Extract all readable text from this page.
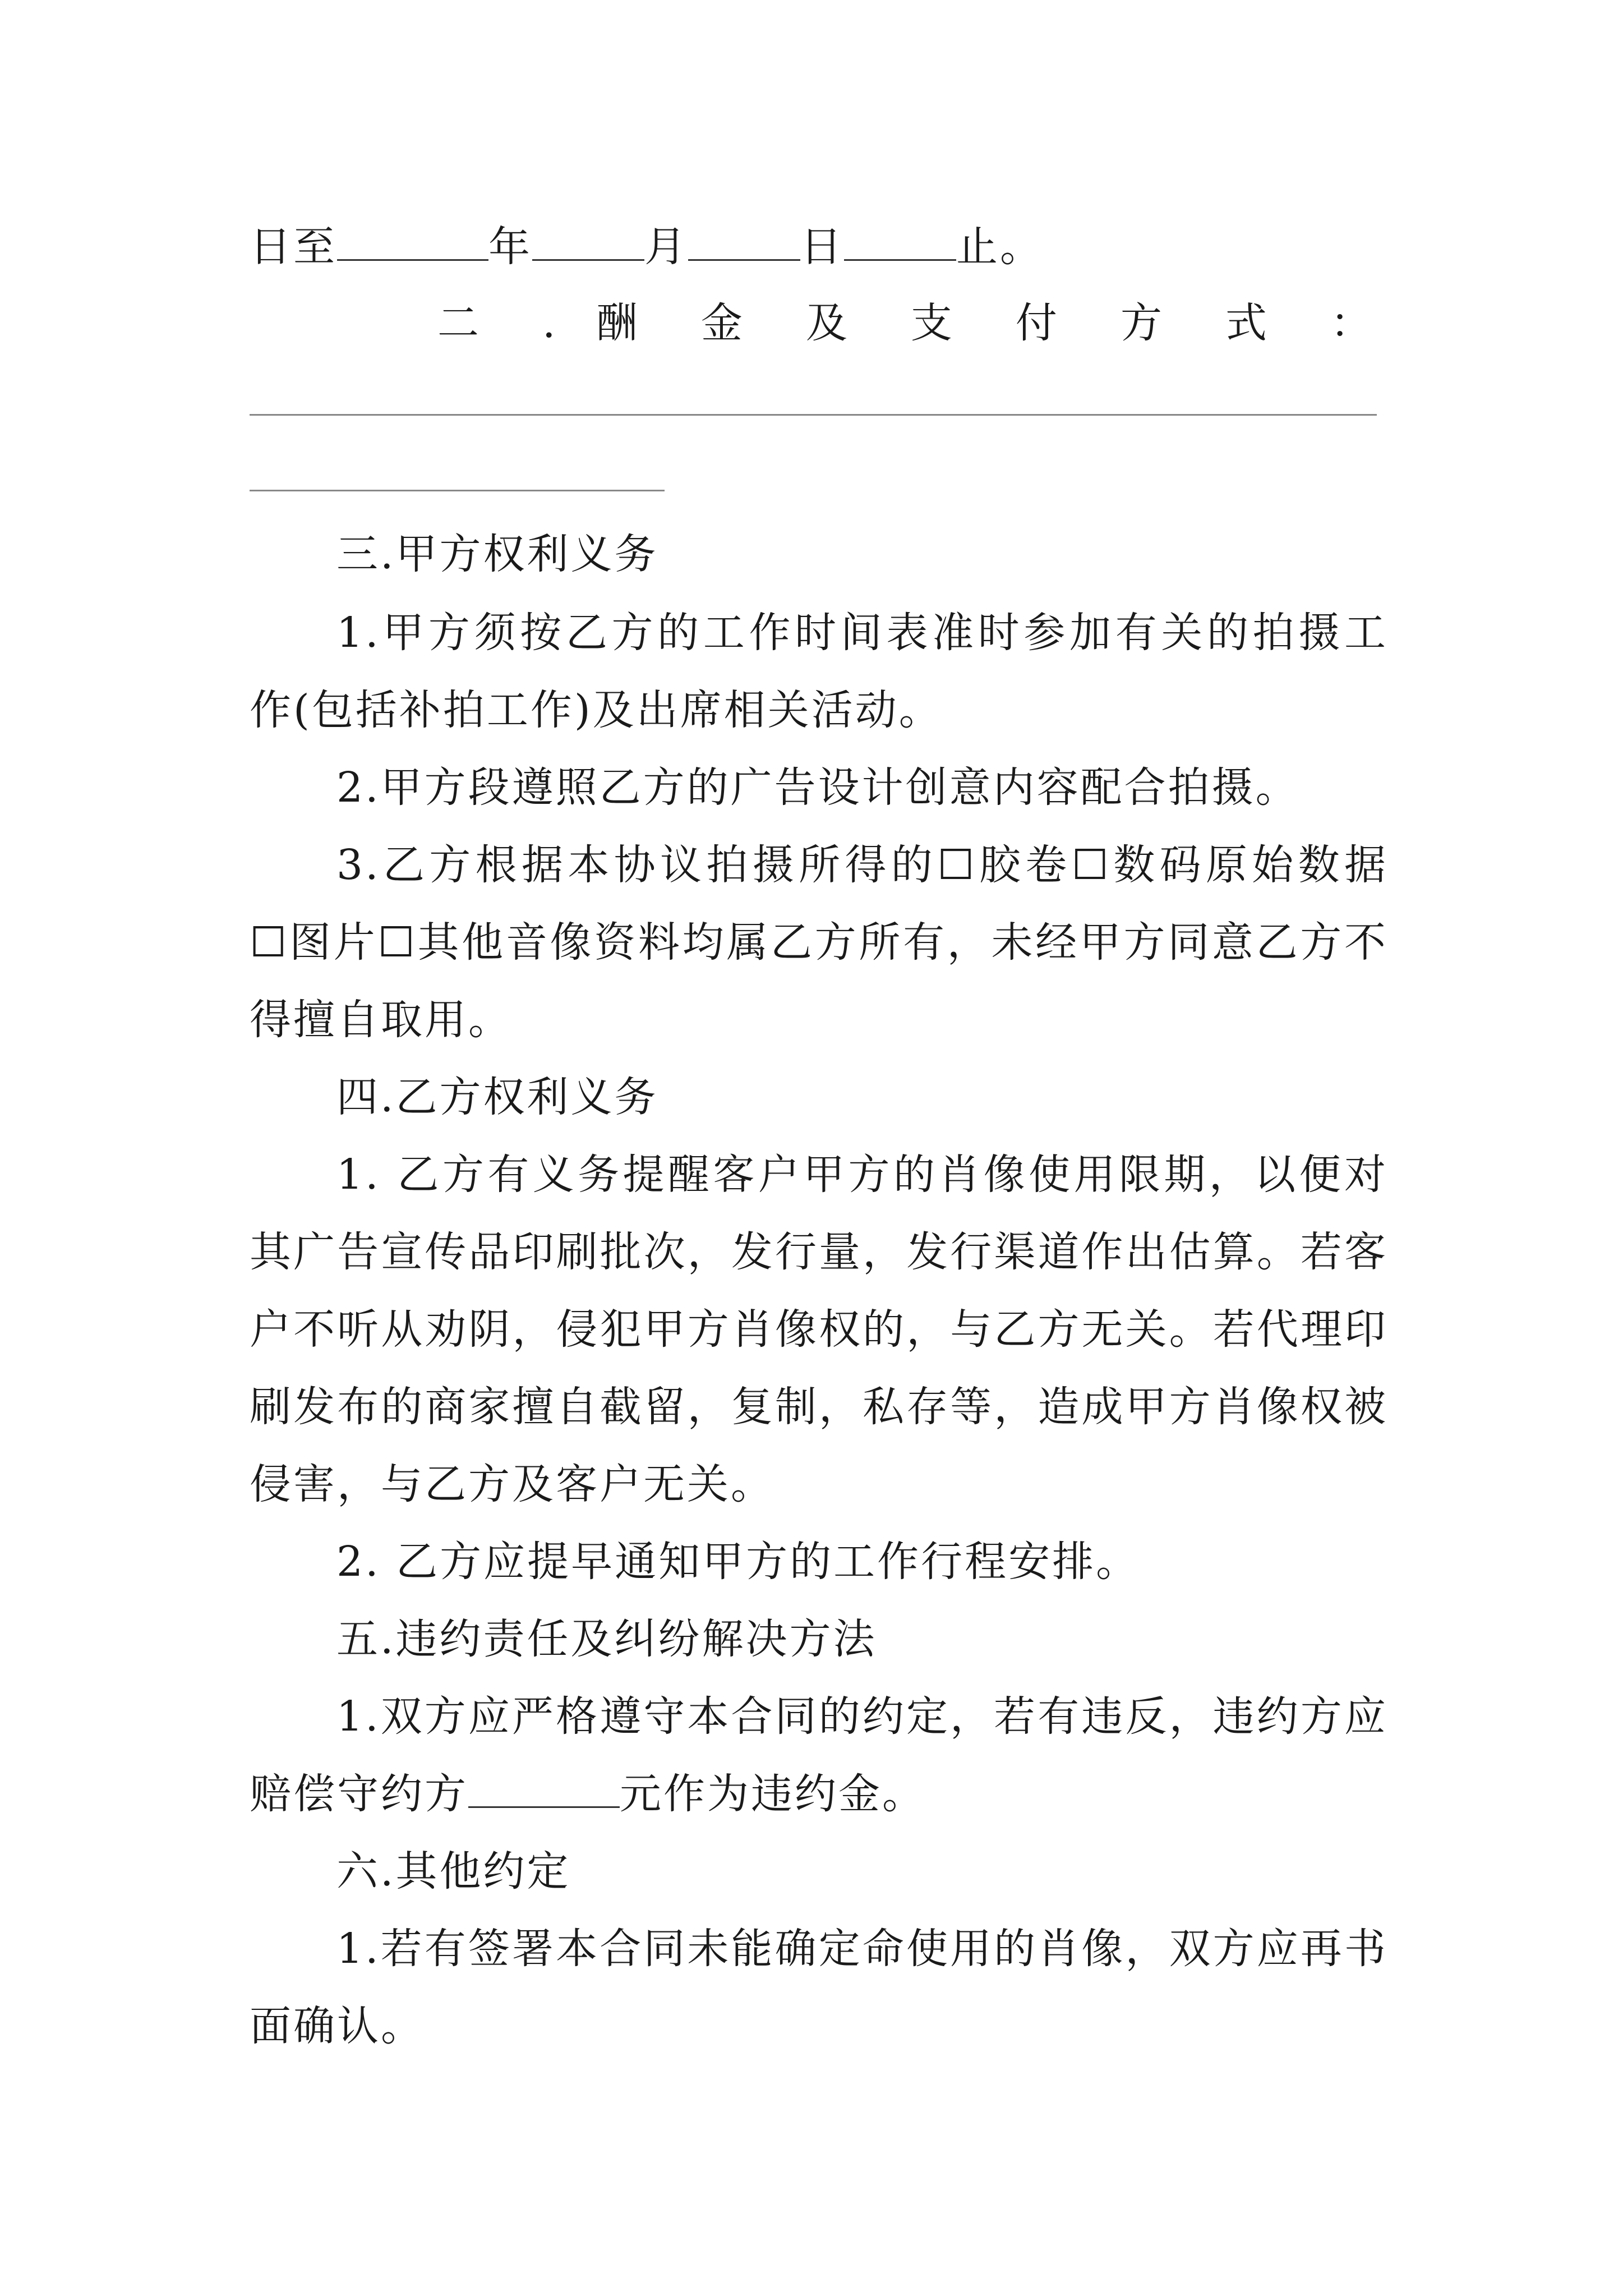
日至	年	月	日	止。
二 . 酬 金 及 支 付 方 式 ：
三.甲方权利义务
1.甲方须按乙方的工作时间表准时参加有关的拍摄工
作(包括补拍工作)及出席相关活动。
2.甲方段遵照乙方的广告设计创意内容配合拍摄。
3.乙方根据本协议拍摄所得的☐胶卷☐数码原始数据
☐图片☐其他音像资料均属乙方所有，未经甲方同意乙方不
得擅自取用。
四.乙方权利义务
1. 乙方有义务提醒客户甲方的肖像使用限期，以便对
其广告宣传品印刷批次，发行量，发行渠道作出估算。若客
户不听从劝阴，侵犯甲方肖像权的，与乙方无关。若代理印
刷发布的商家擅自截留，复制，私存等，造成甲方肖像权被
侵害，与乙方及客户无关。
2. 乙方应提早通知甲方的工作行程安排。
五.违约责任及纠纷解决方法
1.双方应严格遵守本合同的约定，若有违反，违约方应
赔偿守约方	元作为违约金。
六.其他约定
1.若有签署本合同未能确定命使用的肖像，双方应再书
面确认。
